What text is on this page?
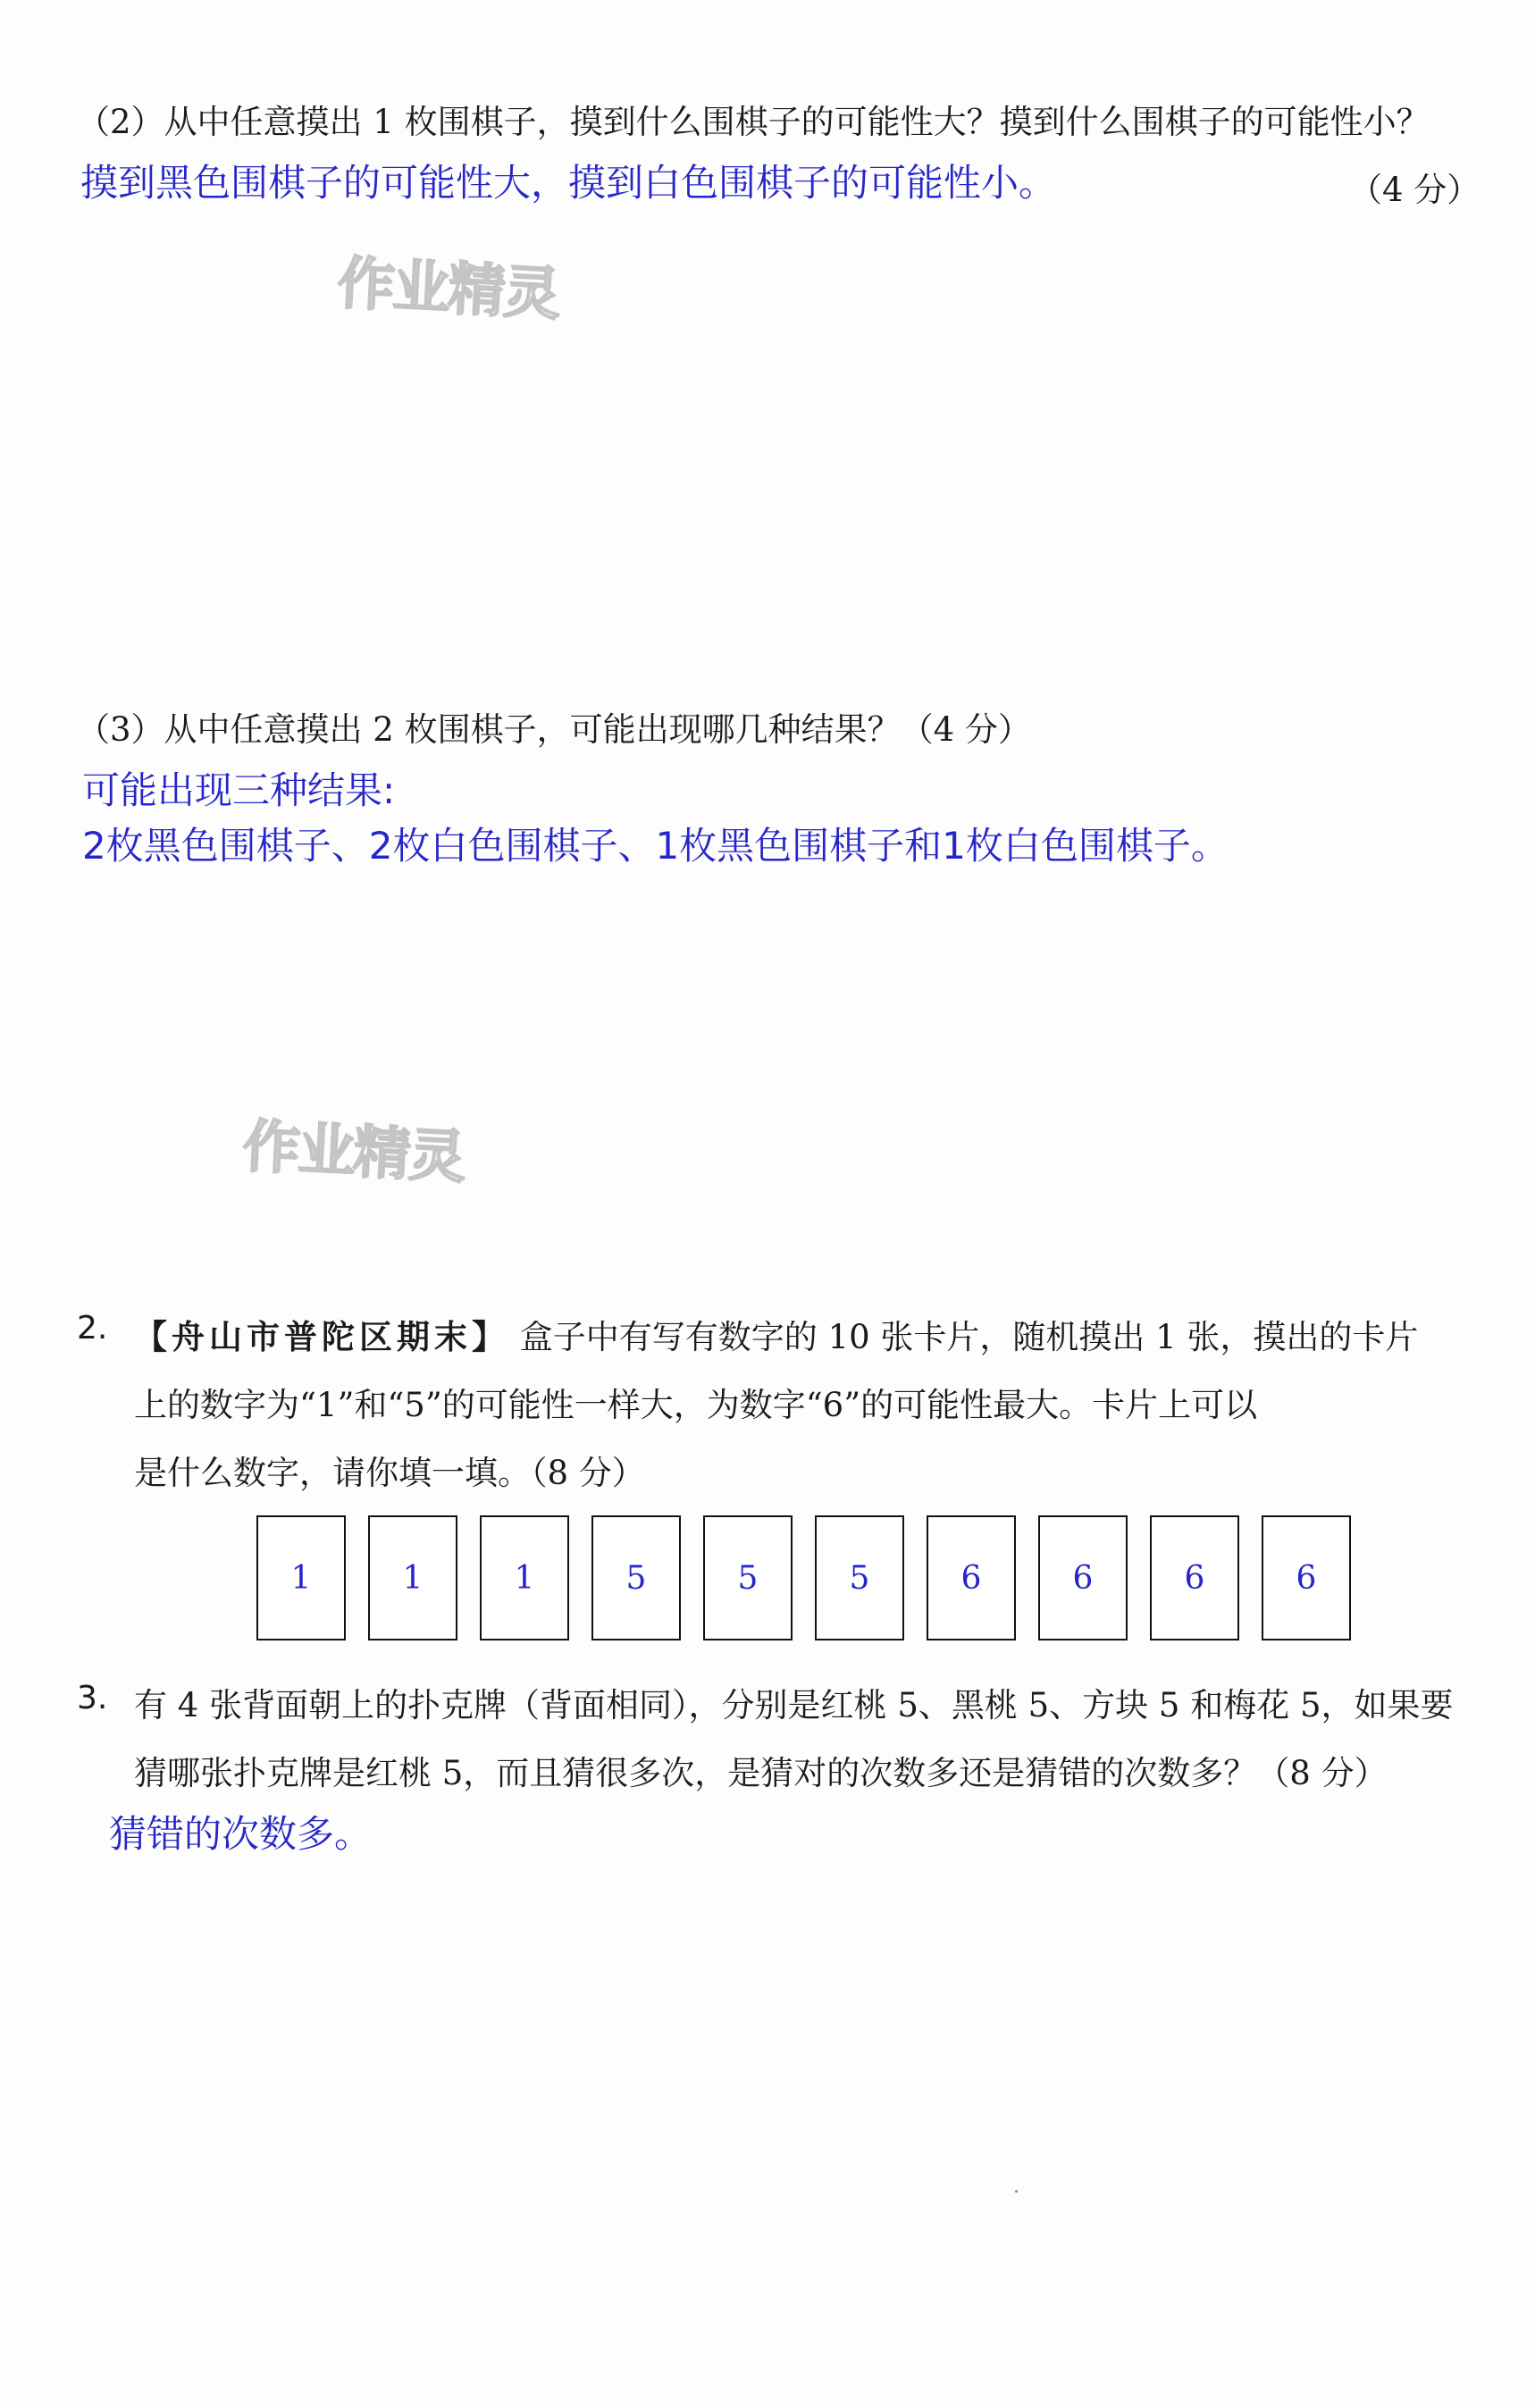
（2）从中任意摸出 1 枚围棋子，摸到什么围棋子的可能性大？摸到什么围棋子的可能性小？
摸到黑色围棋子的可能性大，摸到白色围棋子的可能性小。	（4 分）
作业精灵
（3）从中任意摸出 2 枚围棋子，可能出现哪几种结果？（4 分）
可能出现三种结果:
2枚黑色围棋子、2枚白色围棋子、1枚黑色围棋子和1枚白色围棋子。
作业精灵
2. 【舟山市普陀区期末】 盒子中有写有数字的 10 张卡片，随机摸出 1 张，摸出的卡片
上的数字为“1”和“5”的可能性一样大，为数字“6”的可能性最大。卡片上可以
是什么数字，请你填一填。（8 分）
1	1	1	5	5	5	6	6	6	6
3. 有 4 张背面朝上的扑克牌（背面相同），分别是红桃 5、黑桃 5、方块 5 和梅花 5，如果要
猜哪张扑克牌是红桃 5，而且猜很多次，是猜对的次数多还是猜错的次数多？（8 分）
猜错的次数多。
